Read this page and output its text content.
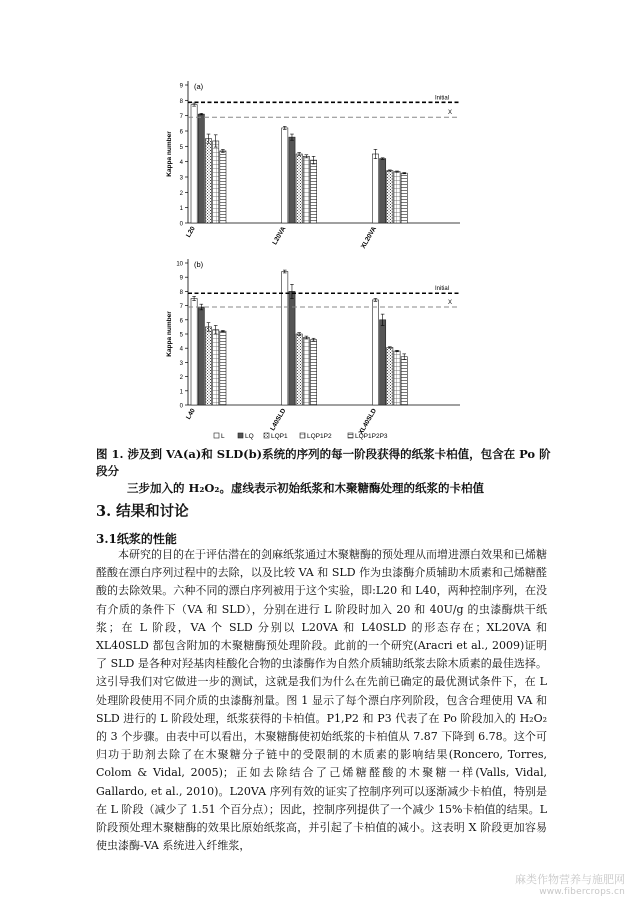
0
1
2
3
4
5
6
7
8
9
Kappa number
(a)
L20	L20VA	XL20VA
Initial
X
0
1
2
3
4
5
6
7
8
9
10
Kappa number
(b)
L40	L40SLD	XL40SLD
Initial
X
L	LQ	LQP1	LQP1P2	LQP1P2P3
图 1. 涉及到 VA(a)和 SLD(b)系统的序列的每一阶段获得的纸浆卡柏值，包含在 Po 阶段分
三步加入的 H₂O₂。虚线表示初始纸浆和木聚糖酶处理的纸浆的卡柏值
3. 结果和讨论
3.1纸浆的性能
本研究的目的在于评估潜在的剑麻纸浆通过木聚糖酶的预处理从而增进漂白效果和已烯糖醛酸在漂白序列过程中的去除，以及比较 VA 和 SLD 作为虫漆酶介质辅助木质素和己烯糖醛酸的去除效果。六种不同的漂白序列被用于这个实验，即:L20 和 L40，两种控制序列，在没有介质的条件下（VA 和 SLD），分别在进行 L 阶段时加入 20 和 40U/g 的虫漆酶烘干纸浆；在 L 阶段，VA 个 SLD 分别以 L20VA 和 L40SLD 的形态存在；XL20VA 和 XL40SLD 都包含附加的木聚糖酶预处理阶段。此前的一个研究(Aracri et al., 2009)证明了 SLD 是各种对羟基肉桂酸化合物的虫漆酶作为自然介质辅助纸浆去除木质素的最佳选择。这引导我们对它做进一步的测试，这就是我们为什么在先前已确定的最优测试条件下，在 L 处理阶段使用不同介质的虫漆酶剂量。图 1 显示了每个漂白序列阶段，包含合理使用 VA 和 SLD 进行的 L 阶段处理，纸浆获得的卡柏值。P1,P2 和 P3 代表了在 Po 阶段加入的 H₂O₂ 的 3 个步骤。由表中可以看出，木聚糖酶使初始纸浆的卡柏值从 7.87 下降到 6.78。这个可归功于助剂去除了在木聚糖分子链中的受限制的木质素的影响结果(Roncero, Torres, Colom & Vidal, 2005)；正如去除结合了己烯糖醛酸的木聚糖一样(Valls, Vidal, Gallardo, et al., 2010)。L20VA 序列有效的证实了控制序列可以逐渐减少卡柏值，特别是在 L 阶段（减少了 1.51 个百分点）；因此，控制序列提供了一个减少 15%卡柏值的结果。L 阶段预处理木聚糖酶的效果比原始纸浆高，并引起了卡柏值的减小。这表明 X 阶段更加容易使虫漆酶-VA 系统进入纤维浆，
麻类作物营养与施肥网
www.fibercrops.cn
